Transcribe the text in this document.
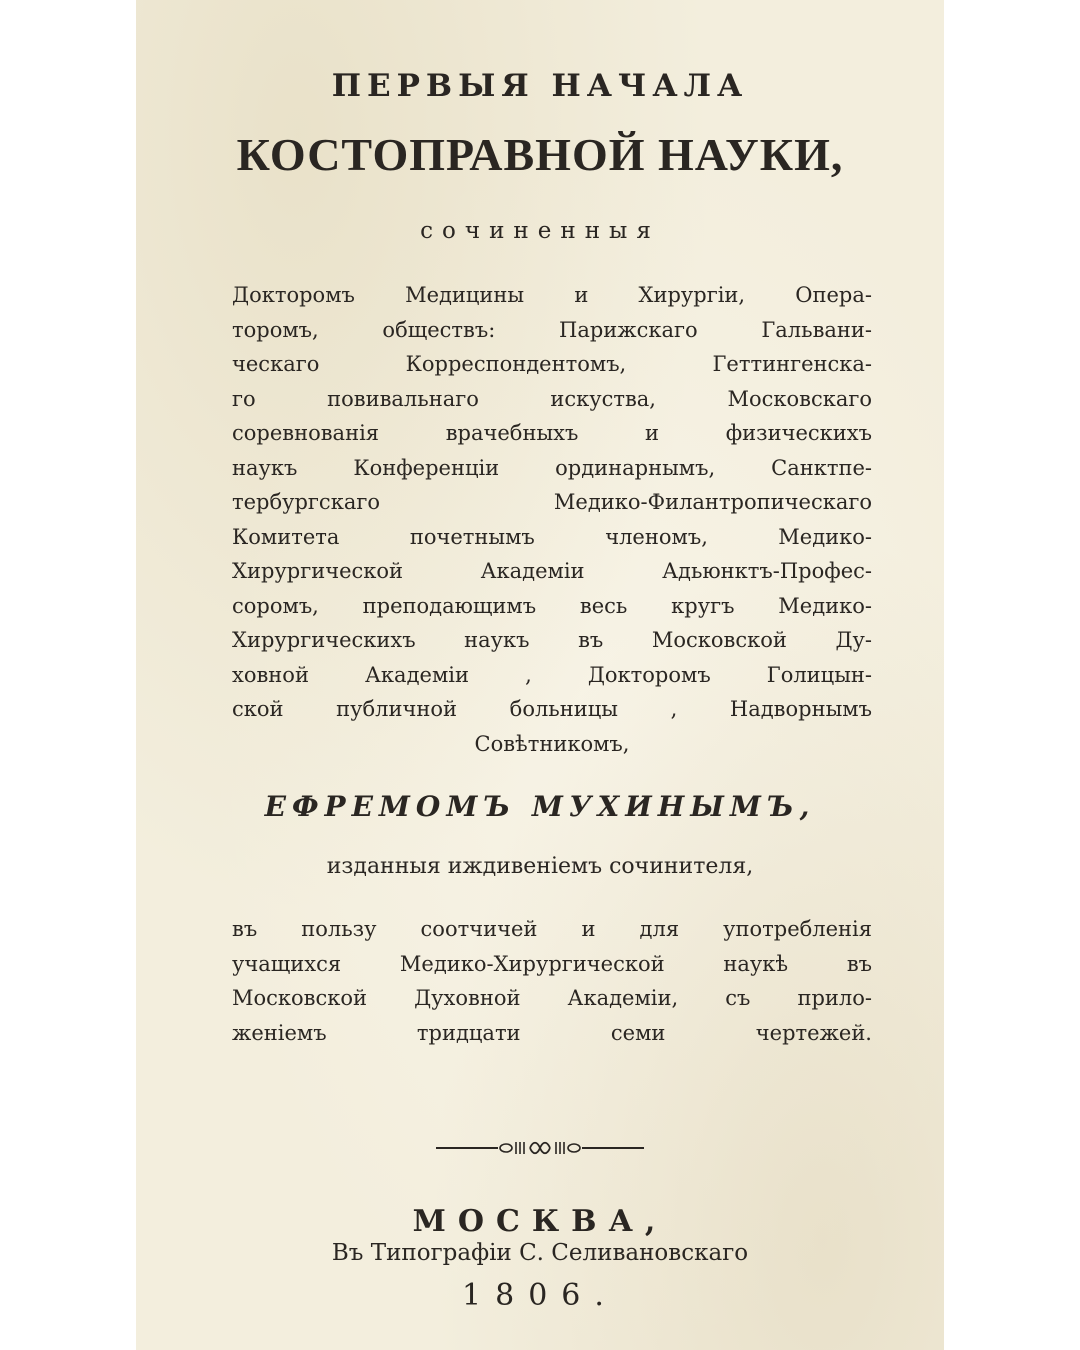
ПЕРВЫЯ НАЧАЛА
КОСТОПРАВНОЙ НАУКИ,
сочиненныя
Докторомъ Медицины и Хирургiи, Опера-
торомъ, обществъ: Парижскаго Гальвани-
ческаго Корреспондентомъ, Геттингенска-
го повивальнаго искуства, Московскаго
соревнованiя врачебныхъ и физическихъ
наукъ Конференцiи ординарнымъ, Санктпе-
тербургскаго Медико-Филантропическаго
Комитета почетнымъ членомъ, Медико-
Хирургической Академiи Адьюнктъ-Профес-
соромъ, преподающимъ весь кругъ Медико-
Хирургическихъ наукъ въ Московской Ду-
ховной Академiи , Докторомъ Голицын-
ской публичной больницы , Надворнымъ
Совѣтникомъ,
ЕФРЕМОМЪ МУХИНЫМЪ,
изданныя иждивенiемъ сочинителя,
въ пользу соотчичей и для употребленiя
учащихся Медико-Хирургической наукѣ въ
Московской Духовной Академiи, съ прило-
женiемъ тридцати семи чертежей.
МОСКВА,
Въ Типографiи С. Селивановскаго
1806.
